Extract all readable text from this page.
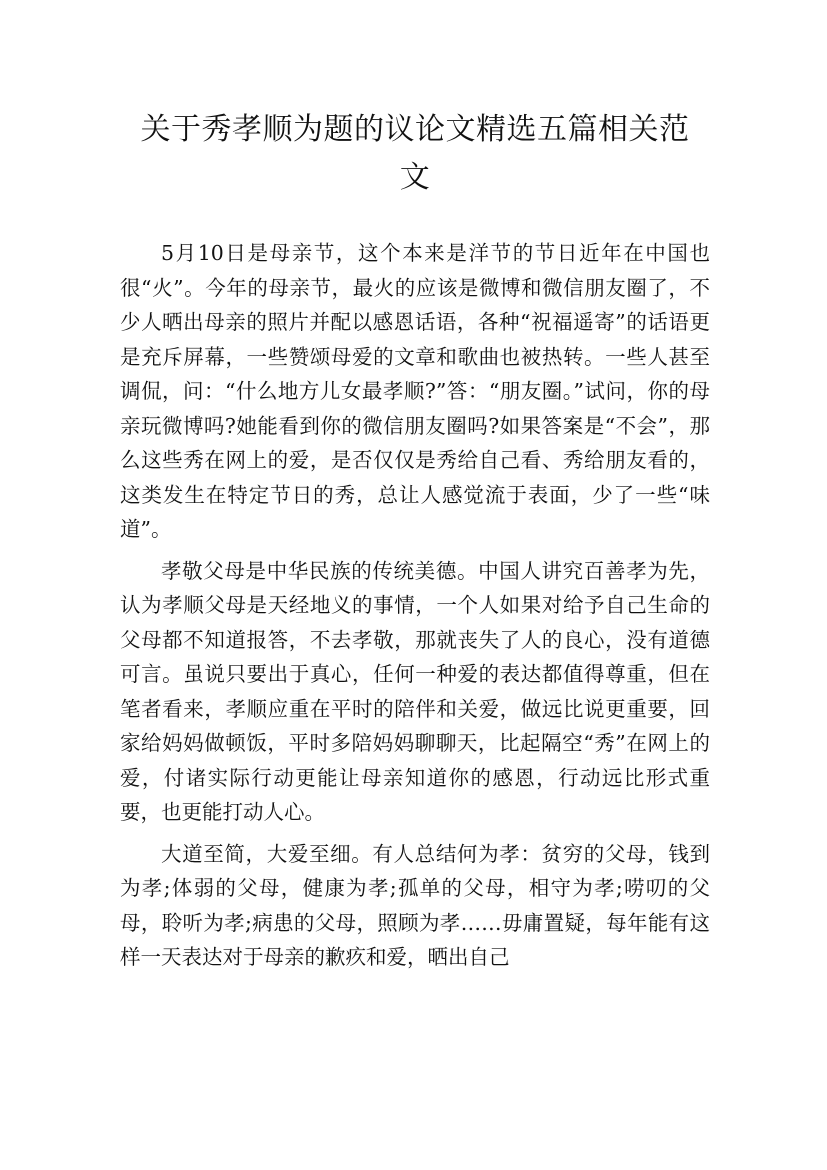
关于秀孝顺为题的议论文精选五篇相关范文

5月10日是母亲节，这个本来是洋节的节日近年在中国也很“火”。今年的母亲节，最火的应该是微博和微信朋友圈了，不少人晒出母亲的照片并配以感恩话语，各种“祝福遥寄”的话语更是充斥屏幕，一些赞颂母爱的文章和歌曲也被热转。一些人甚至调侃，问：“什么地方儿女最孝顺?”答：“朋友圈。”试问，你的母亲玩微博吗?她能看到你的微信朋友圈吗?如果答案是“不会”，那么这些秀在网上的爱，是否仅仅是秀给自己看、秀给朋友看的，这类发生在特定节日的秀，总让人感觉流于表面，少了一些“味道”。

孝敬父母是中华民族的传统美德。中国人讲究百善孝为先，认为孝顺父母是天经地义的事情，一个人如果对给予自己生命的父母都不知道报答，不去孝敬，那就丧失了人的良心，没有道德可言。虽说只要出于真心，任何一种爱的表达都值得尊重，但在笔者看来，孝顺应重在平时的陪伴和关爱，做远比说更重要，回家给妈妈做顿饭，平时多陪妈妈聊聊天，比起隔空“秀”在网上的爱，付诸实际行动更能让母亲知道你的感恩，行动远比形式重要，也更能打动人心。

大道至简，大爱至细。有人总结何为孝：贫穷的父母，钱到为孝;体弱的父母，健康为孝;孤单的父母，相守为孝;唠叨的父母，聆听为孝;病患的父母，照顾为孝……毋庸置疑，每年能有这样一天表达对于母亲的歉疚和爱，晒出自己
